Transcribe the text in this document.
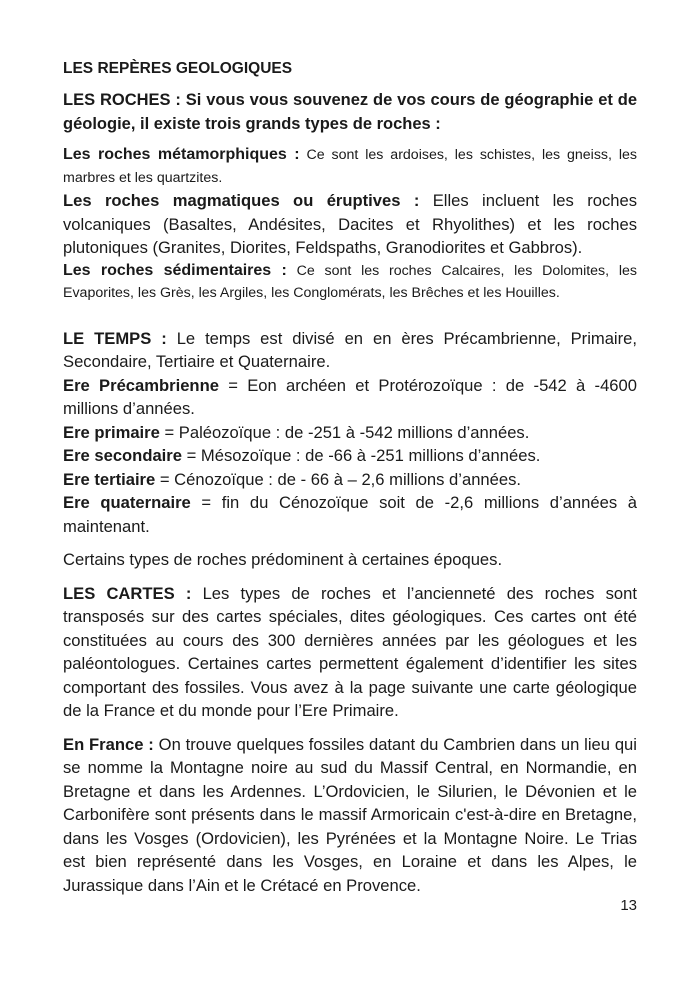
LES REPÈRES GEOLOGIQUES

LES ROCHES : Si vous vous souvenez de vos cours de géographie et de géologie, il existe trois grands types de roches :

Les roches métamorphiques : Ce sont les ardoises, les schistes, les gneiss, les marbres et les quartzites.

Les roches magmatiques ou éruptives : Elles incluent les roches volcaniques (Basaltes, Andésites, Dacites et Rhyolithes) et les roches plutoniques (Granites, Diorites, Feldspaths, Granodiorites et Gabbros).

Les roches sédimentaires : Ce sont les roches Calcaires, les Dolomites, les Evaporites, les Grès, les Argiles, les Conglomérats, les Brêches et les Houilles.

LE TEMPS : Le temps est divisé en en ères Précambrienne, Primaire, Secondaire, Tertiaire et Quaternaire.

Ere Précambrienne = Eon archéen et Protérozoïque : de -542 à -4600 millions d’années.

Ere primaire = Paléozoïque : de -251 à -542 millions d’années.

Ere secondaire = Mésozoïque : de -66 à -251 millions d’années.

Ere tertiaire = Cénozoïque : de - 66 à – 2,6 millions d’années.

Ere quaternaire = fin du Cénozoïque soit de -2,6 millions d’années à maintenant.

Certains types de roches prédominent à certaines époques.

LES CARTES : Les types de roches et l’ancienneté des roches sont transposés sur des cartes spéciales, dites géologiques. Ces cartes ont été constituées au cours des 300 dernières années par les géologues et les paléontologues. Certaines cartes permettent également d’identifier les sites comportant des fossiles. Vous avez à la page suivante une carte géologique de la France et du monde pour l’Ere Primaire.

En France : On trouve quelques fossiles datant du Cambrien dans un lieu qui se nomme la Montagne noire au sud du Massif Central, en Normandie, en Bretagne et dans les Ardennes. L’Ordovicien, le Silurien, le Dévonien et le Carbonifère sont présents dans le massif Armoricain c'est-à-dire en Bretagne, dans les Vosges (Ordovicien), les Pyrénées et la Montagne Noire. Le Trias est bien représenté dans les Vosges, en Loraine et dans les Alpes, le Jurassique dans l’Ain et le Crétacé en Provence.

13
